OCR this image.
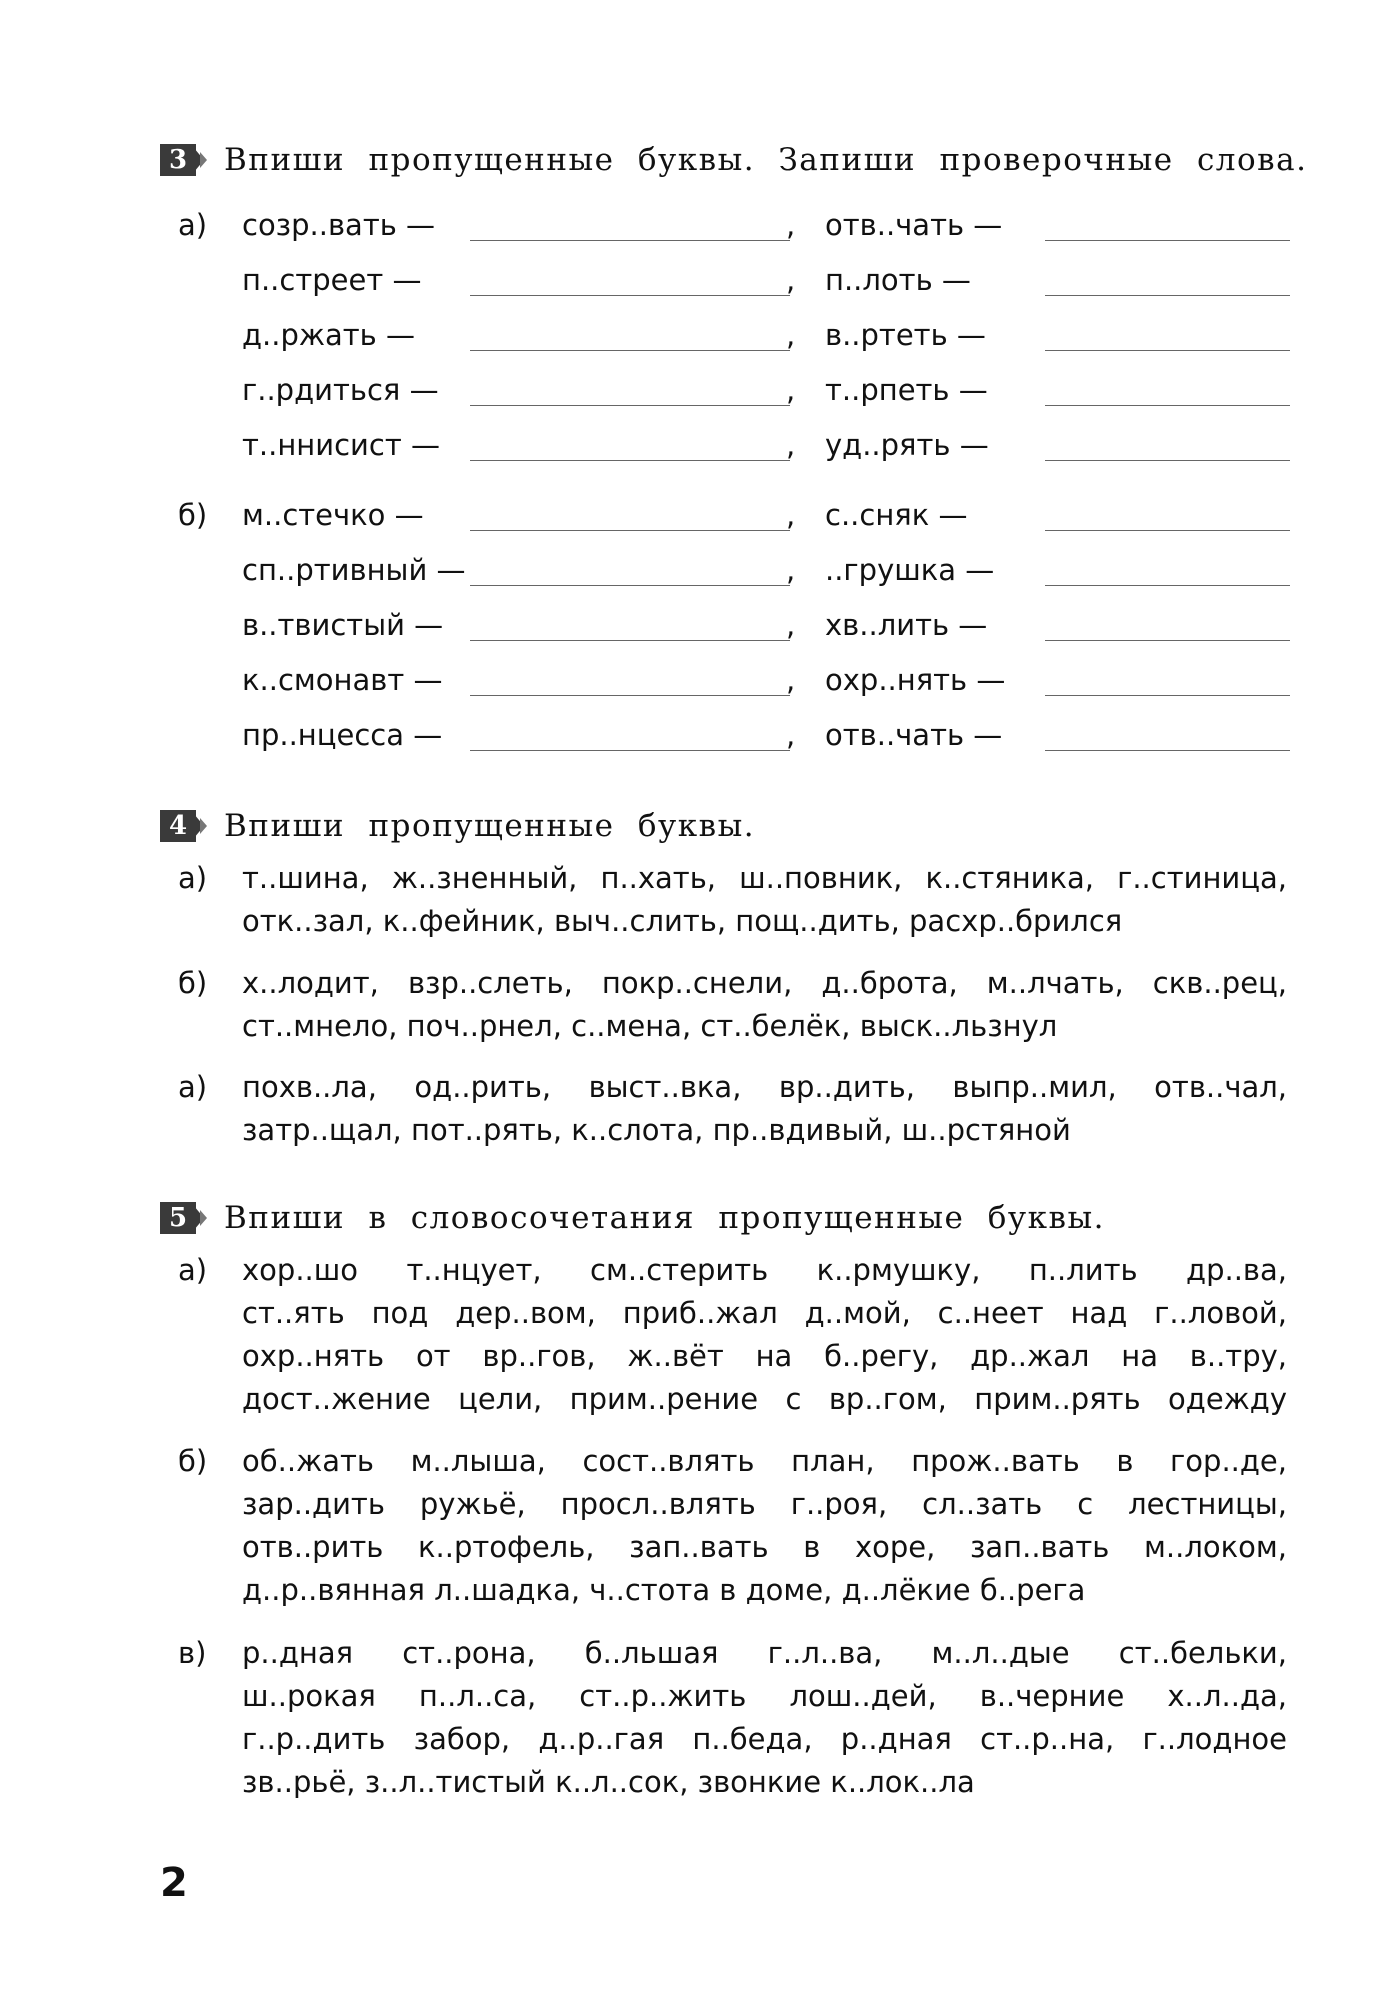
3 Впиши пропущенные буквы. Запиши проверочные слова.
а)
б)
созр..вать —	, отв..чать —
п..стреет —	, п..лоть —
д..ржать —	, в..ртеть —
г..рдиться —	, т..рпеть —
т..ннисист —	, уд..рять —
м..стечко —	, с..сняк —
сп..ртивный —	, ..грушка —
в..твистый —	, хв..лить —
к..смонавт —	, охр..нять —
пр..нцесса —	, отв..чать —
4 Впиши пропущенные буквы.
а) т..шина, ж..зненный, п..хать, ш..повник, к..стяника, г..стиница,
отк..зал, к..фейник, выч..слить, пощ..дить, расхр..брился
б) х..лодит, взр..слеть, покр..снели, д..брота, м..лчать, скв..рец,
ст..мнело, поч..рнел, с..мена, ст..белёк, выск..льзнул
а) похв..ла, од..рить, выст..вка, вр..дить, выпр..мил, отв..чал,
затр..щал, пот..рять, к..слота, пр..вдивый, ш..рстяной
5 Впиши в словосочетания пропущенные буквы.
а) хор..шо т..нцует, см..стерить к..рмушку, п..лить др..ва,
ст..ять под дер..вом, приб..жал д..мой, с..неет над г..ловой,
охр..нять от вр..гов, ж..вёт на б..регу, др..жал на в..тру,
дост..жение цели, прим..рение с вр..гом, прим..рять одежду
б) об..жать м..лыша, сост..влять план, прож..вать в гор..де,
зар..дить ружьё, просл..влять г..роя, сл..зать с лестницы,
отв..рить к..ртофель, зап..вать в хоре, зап..вать м..локом,
д..р..вянная л..шадка, ч..стота в доме, д..лёкие б..рега
в) р..дная ст..рона, б..льшая г..л..ва, м..л..дые ст..бельки,
ш..рокая п..л..са, ст..р..жить лош..дей, в..черние х..л..да,
г..р..дить забор, д..р..гая п..беда, р..дная ст..р..на, г..лодное
зв..рьё, з..л..тистый к..л..сок, звонкие к..лок..ла
2
